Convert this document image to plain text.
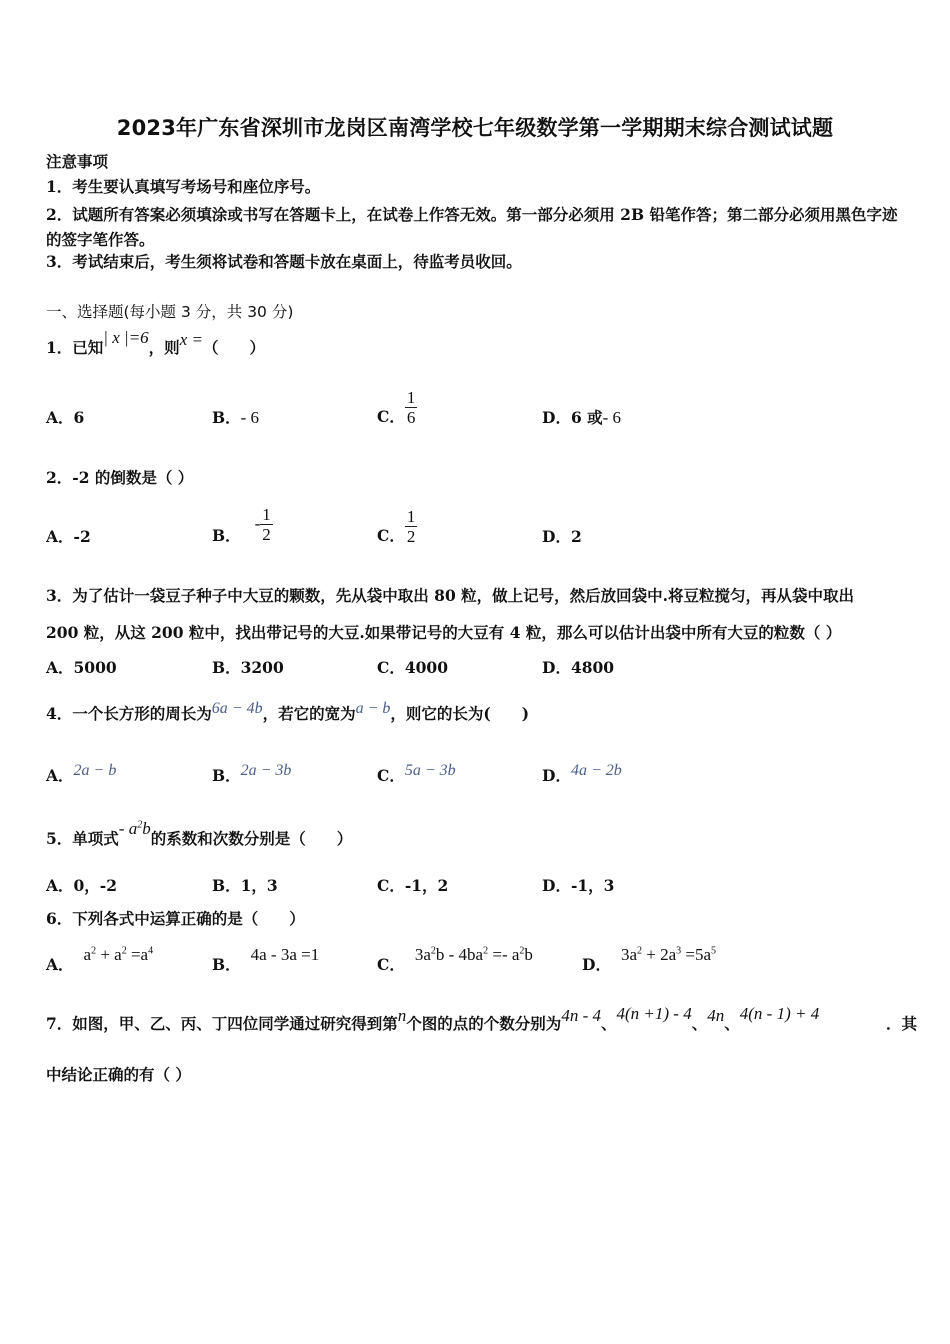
2023年广东省深圳市龙岗区南湾学校七年级数学第一学期期末综合测试试题
注意事项
1．考生要认真填写考场号和座位序号。
2．试题所有答案必须填涂或书写在答题卡上，在试卷上作答无效。第一部分必须用 2B 铅笔作答；第二部分必须用黑色字迹的签字笔作答。
3．考试结束后，考生须将试卷和答题卡放在桌面上，待监考员收回。
一、选择题(每小题 3 分，共 30 分)
1．已知| x |=6，则x =（　　）
A．6	B．- 6	C． $\frac{1}{6}$	D．6 或- 6
2．-2 的倒数是（ ）
A．-2	B．- $\frac{1}{2}$	C． $\frac{1}{2}$	D．2
3．为了估计一袋豆子种子中大豆的颗数，先从袋中取出 80 粒，做上记号，然后放回袋中.将豆粒搅匀，再从袋中取出
200 粒，从这 200 粒中，找出带记号的大豆.如果带记号的大豆有 4 粒，那么可以估计出袋中所有大豆的粒数（ ）
A．5000	B．3200	C．4000	D．4800
4．一个长方形的周长为6a − 4b，若它的宽为a − b，则它的长为(　　)
A．2a − b	B．2a − 3b	C．5a − 3b	D．4a − 2b
5．单项式- $a^2b$的系数和次数分别是（　　）
A．0，-2	B．1，3	C．-1，2	D．-1，3
6．下列各式中运算正确的是（　　）
A．$a^2 + a^2 =a^4$
B．4a - 3a =1
C．$3a^2b - 4ba^2 =- a^2b$
D．$3a^2 + 2a^3 =5a^5$
7．如图，甲、乙、丙、丁四位同学通过研究得到第n个图的点的个数分别为4n - 4、4(n +1) - 4、4n、4(n - 1) + 4
．其
中结论正确的有（ ）
